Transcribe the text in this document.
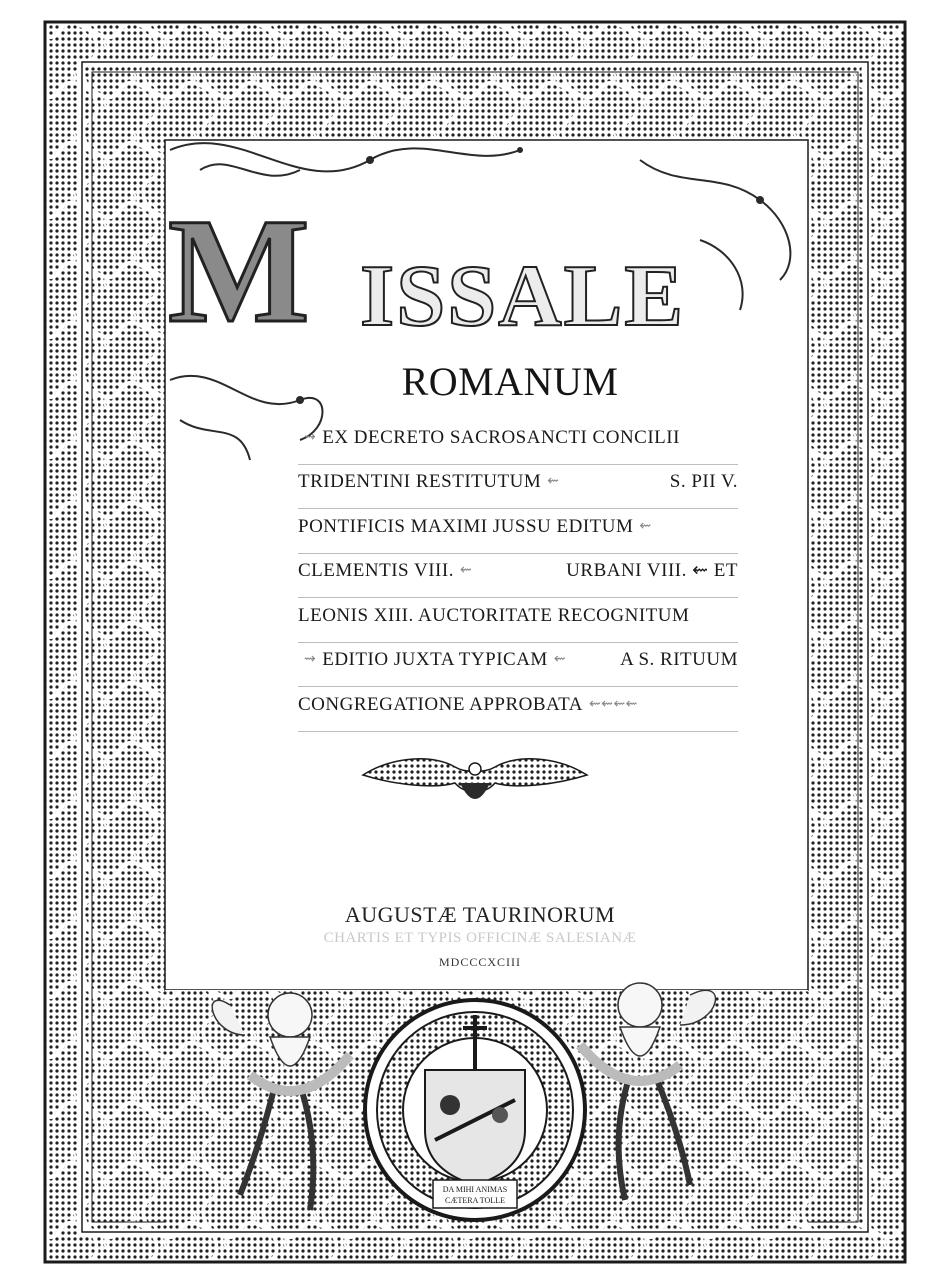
M ISSALE
ROMANUM
⇝ EX DECRETO SACROSANCTI CONCILII
TRIDENTINI RESTITUTUM ⇜	S. PII V.
PONTIFICIS MAXIMI JUSSU EDITUM ⇜
CLEMENTIS VIII. ⇜	URBANI VIII. ⇜ ET
LEONIS XIII. AUCTORITATE RECOGNITUM
⇝ EDITIO JUXTA TYPICAM ⇜	A S. RITUUM
CONGREGATIONE APPROBATA ⇜⇜⇜⇜
AUGUSTÆ TAURINORUM
CHARTIS ET TYPIS OFFICINÆ SALESIANÆ
MDCCCXCIII
DA MIHI ANIMAS
CÆTERA TOLLE
